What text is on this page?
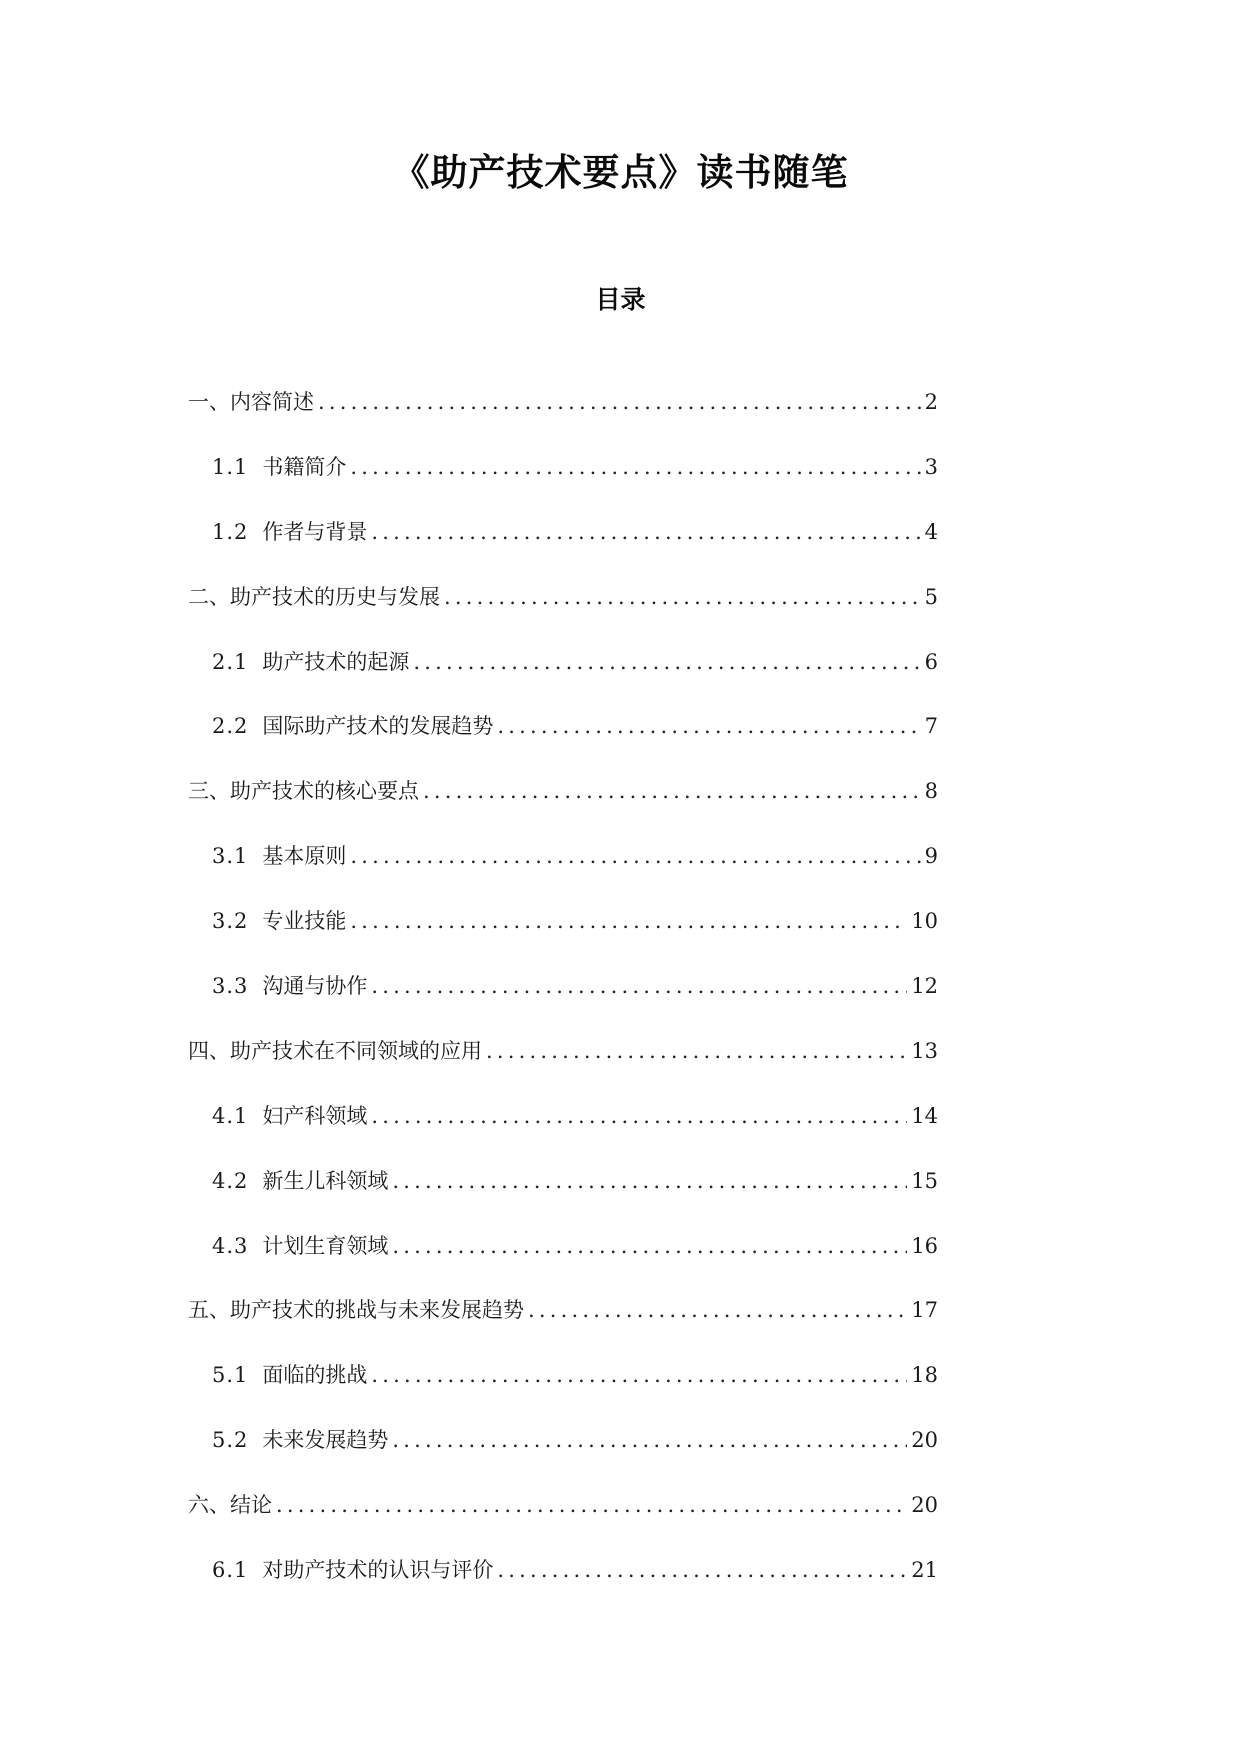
《助产技术要点》读书随笔
目录
一、内容简述 .....	2
1.1 书籍简介 .....	3
1.2 作者与背景 .....	4
二、助产技术的历史与发展 .....	5
2.1 助产技术的起源 .....	6
2.2 国际助产技术的发展趋势 .....	7
三、助产技术的核心要点 .....	8
3.1 基本原则 .....	9
3.2 专业技能 .....	10
3.3 沟通与协作 .....	12
四、助产技术在不同领域的应用 .....	13
4.1 妇产科领域 .....	14
4.2 新生儿科领域 .....	15
4.3 计划生育领域 .....	16
五、助产技术的挑战与未来发展趋势 .....	17
5.1 面临的挑战 .....	18
5.2 未来发展趋势 .....	20
六、结论 .....	20
6.1 对助产技术的认识与评价 .....	21
